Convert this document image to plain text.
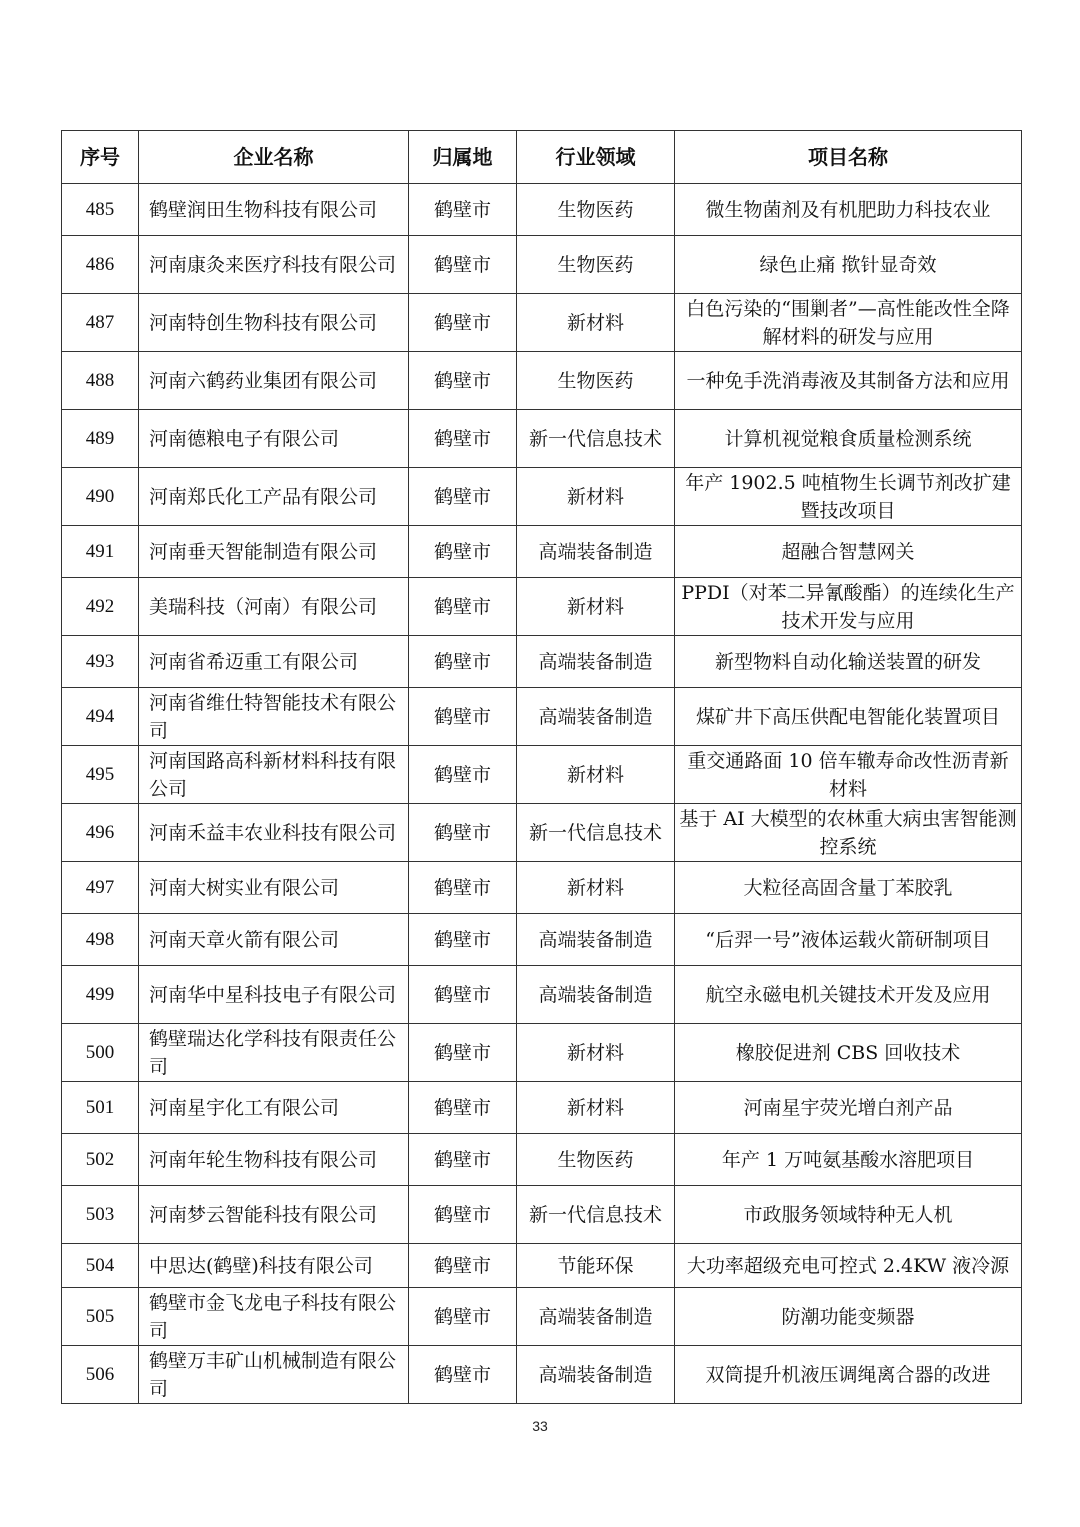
序号	企业名称	归属地	行业领域	项目名称
485	鹤壁润田生物科技有限公司	鹤壁市	生物医药	微生物菌剂及有机肥助力科技农业
486	河南康灸来医疗科技有限公司	鹤壁市	生物医药	绿色止痛 揿针显奇效
487	河南特创生物科技有限公司	鹤壁市	新材料	白色污染的“围剿者”—高性能改性全降解材料的研发与应用
488	河南六鹤药业集团有限公司	鹤壁市	生物医药	一种免手洗消毒液及其制备方法和应用
489	河南德粮电子有限公司	鹤壁市	新一代信息技术	计算机视觉粮食质量检测系统
490	河南郑氏化工产品有限公司	鹤壁市	新材料	年产 1902.5 吨植物生长调节剂改扩建暨技改项目
491	河南垂天智能制造有限公司	鹤壁市	高端装备制造	超融合智慧网关
492	美瑞科技（河南）有限公司	鹤壁市	新材料	PPDI（对苯二异氰酸酯）的连续化生产技术开发与应用
493	河南省希迈重工有限公司	鹤壁市	高端装备制造	新型物料自动化输送装置的研发
494	河南省维仕特智能技术有限公司	鹤壁市	高端装备制造	煤矿井下高压供配电智能化装置项目
495	河南国路高科新材料科技有限公司	鹤壁市	新材料	重交通路面 10 倍车辙寿命改性沥青新材料
496	河南禾益丰农业科技有限公司	鹤壁市	新一代信息技术	基于 AI 大模型的农林重大病虫害智能测控系统
497	河南大树实业有限公司	鹤壁市	新材料	大粒径高固含量丁苯胶乳
498	河南天章火箭有限公司	鹤壁市	高端装备制造	“后羿一号”液体运载火箭研制项目
499	河南华中星科技电子有限公司	鹤壁市	高端装备制造	航空永磁电机关键技术开发及应用
500	鹤壁瑞达化学科技有限责任公司	鹤壁市	新材料	橡胶促进剂 CBS 回收技术
501	河南星宇化工有限公司	鹤壁市	新材料	河南星宇荧光增白剂产品
502	河南年轮生物科技有限公司	鹤壁市	生物医药	年产 1 万吨氨基酸水溶肥项目
503	河南梦云智能科技有限公司	鹤壁市	新一代信息技术	市政服务领域特种无人机
504	中思达(鹤壁)科技有限公司	鹤壁市	节能环保	大功率超级充电可控式 2.4KW 液冷源
505	鹤壁市金飞龙电子科技有限公司	鹤壁市	高端装备制造	防潮功能变频器
506	鹤壁万丰矿山机械制造有限公司	鹤壁市	高端装备制造	双筒提升机液压调绳离合器的改进
33
